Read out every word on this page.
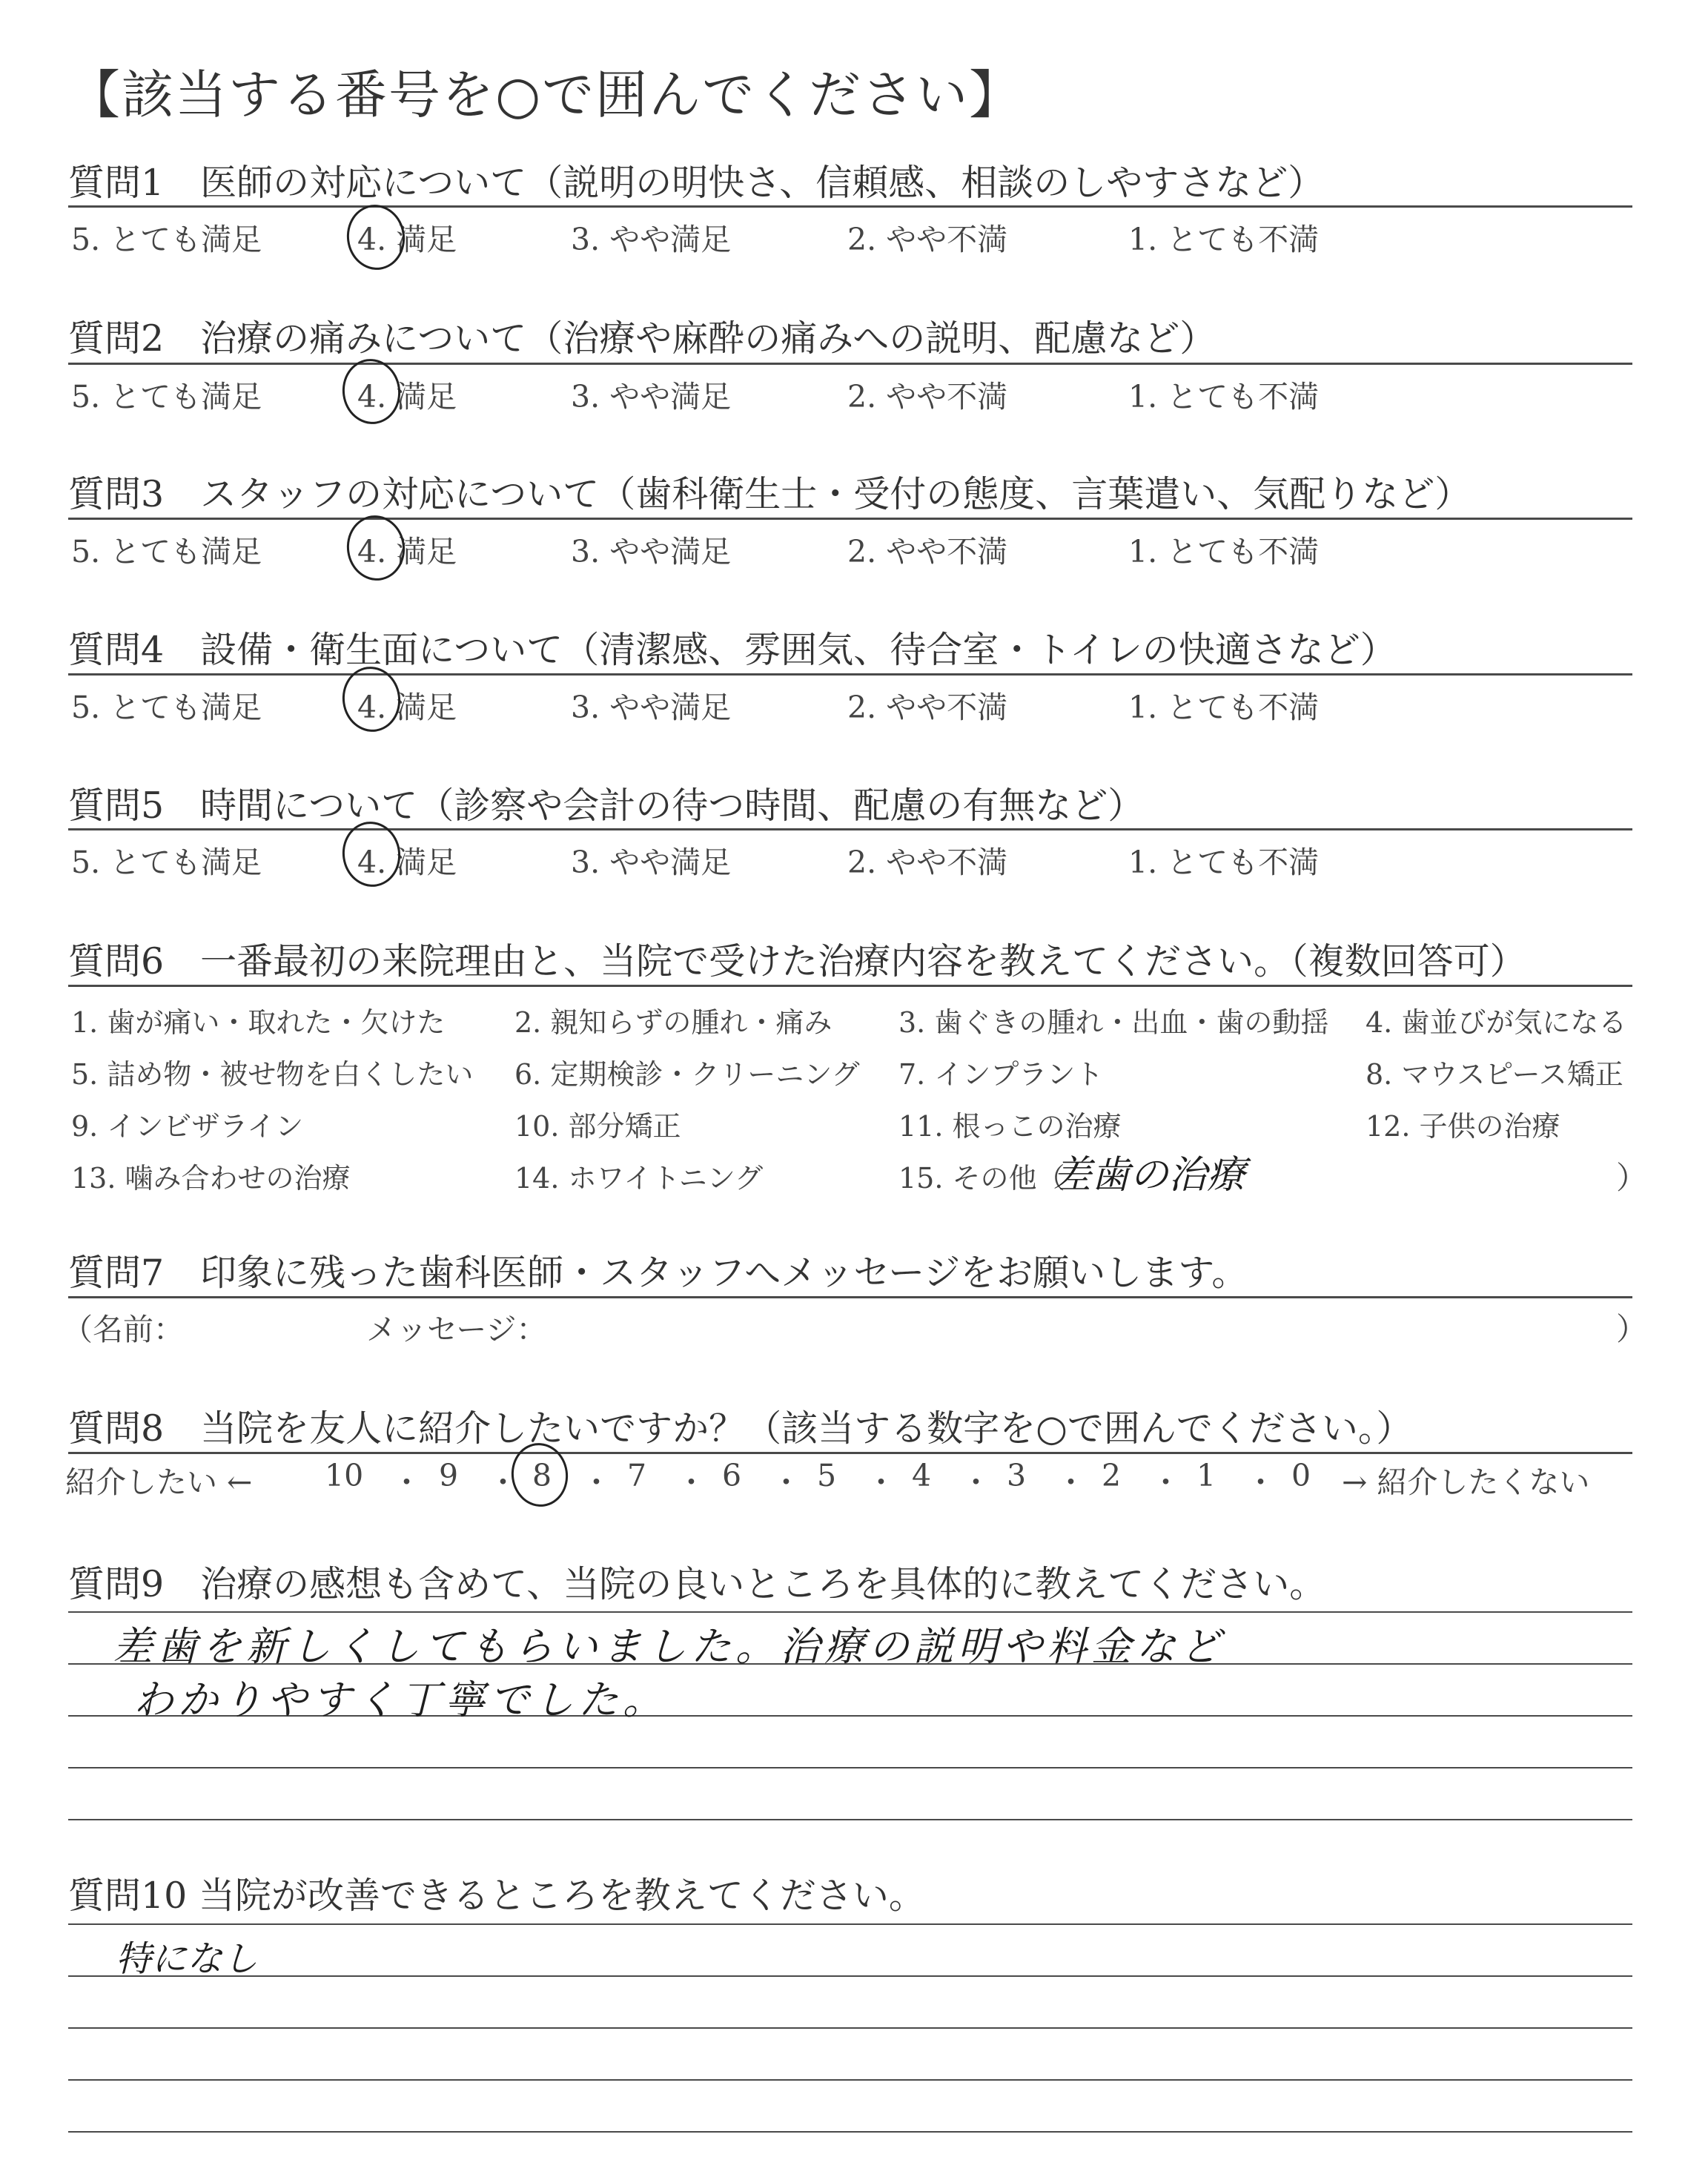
【該当する番号を○で囲んでください】
質問1　医師の対応について（説明の明快さ、信頼感、相談のしやすさなど）
5. とても満足	4. 満足	3. やや満足	2. やや不満	1. とても不満
質問2　治療の痛みについて（治療や麻酔の痛みへの説明、配慮など）
5. とても満足	4. 満足	3. やや満足	2. やや不満	1. とても不満
質問3　スタッフの対応について（歯科衛生士・受付の態度、言葉遣い、気配りなど）
5. とても満足	4. 満足	3. やや満足	2. やや不満	1. とても不満
質問4　設備・衛生面について（清潔感、雰囲気、待合室・トイレの快適さなど）
5. とても満足	4. 満足	3. やや満足	2. やや不満	1. とても不満
質問5　時間について（診察や会計の待つ時間、配慮の有無など）
5. とても満足	4. 満足	3. やや満足	2. やや不満	1. とても不満
質問6　一番最初の来院理由と、当院で受けた治療内容を教えてください。（複数回答可）
1. 歯が痛い・取れた・欠けた 2. 親知らずの腫れ・痛み 3. 歯ぐきの腫れ・出血・歯の動揺 4. 歯並びが気になる
5. 詰め物・被せ物を白くしたい 6. 定期検診・クリーニング 7. インプラント	8. マウスピース矯正
9. インビザライン	10. 部分矯正	11. 根っこの治療	12. 子供の治療
13. 噛み合わせの治療	14. ホワイトニング	15. その他（
差歯の治療	）
質問7　印象に残った歯科医師・スタッフへメッセージをお願いします。
（名前：	メッセージ：	）
質問8　当院を友人に紹介したいですか？（該当する数字を○で囲んでください。）
紹介したい ← 10 ・ 9 ・ 8 ・ 7 ・ 6 ・ 5 ・ 4 ・ 3 ・ 2 ・ 1 ・ 0 → 紹介したくない
質問9　治療の感想も含めて、当院の良いところを具体的に教えてください。
差歯を新しくしてもらいました。治療の説明や料金など
わかりやすく丁寧でした。
質問10 当院が改善できるところを教えてください。
特になし
